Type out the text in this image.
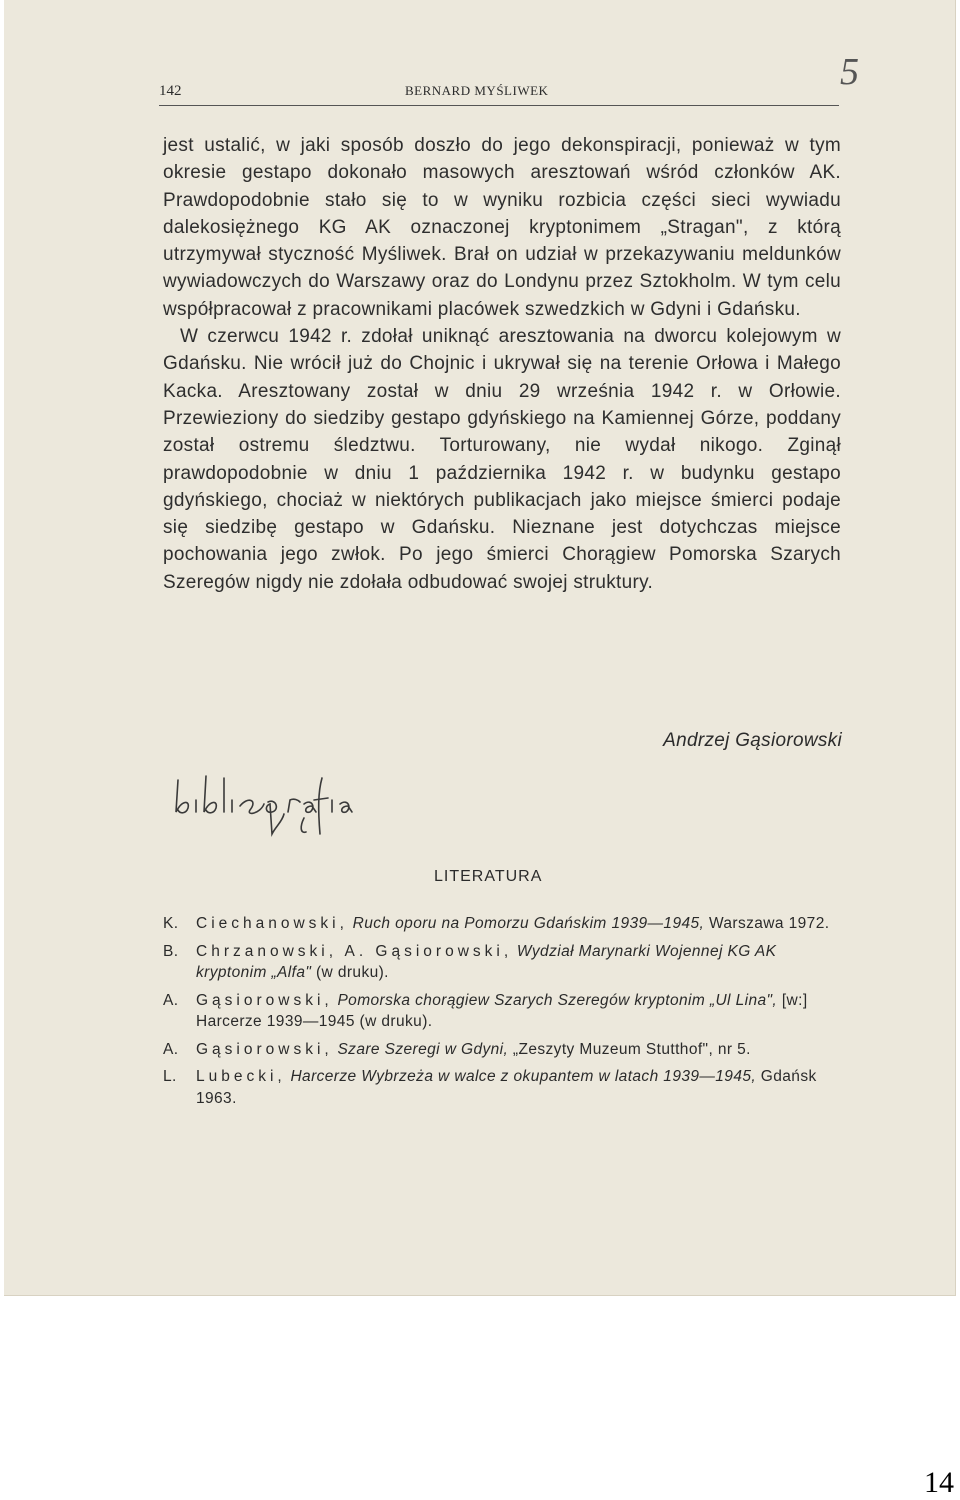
142	BERNARD MYŚLIWEK	5

jest ustalić, w jaki sposób doszło do jego dekonspiracji, ponieważ w tym okresie gestapo dokonało masowych aresztowań wśród członków AK. Prawdopodobnie stało się to w wyniku rozbicia części sieci wywiadu dalekosiężnego KG AK oznaczonej kryptonimem „Stragan", z którą utrzymywał styczność Myśliwek. Brał on udział w przekazywaniu meldunków wywiadowczych do Warszawy oraz do Londynu przez Sztokholm. W tym celu współpracował z pracownikami placówek szwedzkich w Gdyni i Gdańsku.

W czerwcu 1942 r. zdołał uniknąć aresztowania na dworcu kolejowym w Gdańsku. Nie wrócił już do Chojnic i ukrywał się na terenie Orłowa i Małego Kacka. Aresztowany został w dniu 29 września 1942 r. w Orłowie. Przewieziony do siedziby gestapo gdyńskiego na Kamiennej Górze, poddany został ostremu śledztwu. Torturowany, nie wydał nikogo. Zginął prawdopodobnie w dniu 1 października 1942 r. w budynku gestapo gdyńskiego, chociaż w niektórych publikacjach jako miejsce śmierci podaje się siedzibę gestapo w Gdańsku. Nieznane jest dotychczas miejsce pochowania jego zwłok. Po jego śmierci Chorągiew Pomorska Szarych Szeregów nigdy nie zdołała odbudować swojej struktury.

Andrzej Gąsiorowski
LITERATURA
K. Ciechanowski, Ruch oporu na Pomorzu Gdańskim 1939—1945, Warszawa 1972.
B. Chrzanowski, A. Gąsiorowski, Wydział Marynarki Wojennej KG AK kryptonim „Alfa" (w druku).
A. Gąsiorowski, Pomorska chorągiew Szarych Szeregów kryptonim „Ul Lina", [w:] Harcerze 1939—1945 (w druku).
A. Gąsiorowski, Szare Szeregi w Gdyni, „Zeszyty Muzeum Stutthof", nr 5.
L. Lubecki, Harcerze Wybrzeża w walce z okupantem w latach 1939—1945, Gdańsk 1963.
14
